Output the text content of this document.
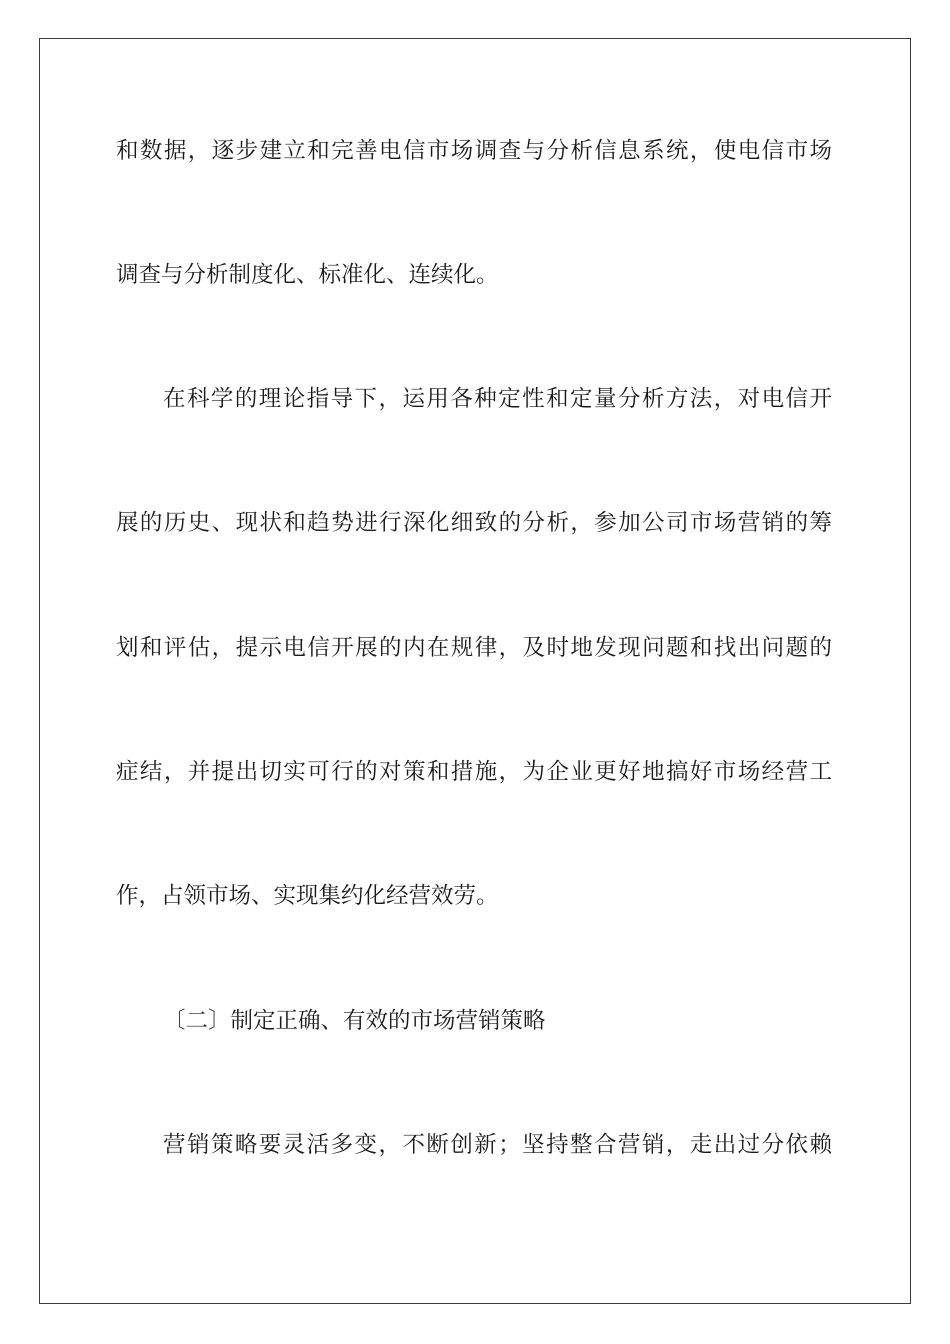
和数据，逐步建立和完善电信市场调查与分析信息系统，使电信市场
调查与分析制度化、标准化、连续化。
在科学的理论指导下，运用各种定性和定量分析方法，对电信开
展的历史、现状和趋势进行深化细致的分析，参加公司市场营销的筹
划和评估，提示电信开展的内在规律，及时地发现问题和找出问题的
症结，并提出切实可行的对策和措施，为企业更好地搞好市场经营工
作，占领市场、实现集约化经营效劳。
〔二〕制定正确、有效的市场营销策略
营销策略要灵活多变，不断创新；坚持整合营销，走出过分依赖
